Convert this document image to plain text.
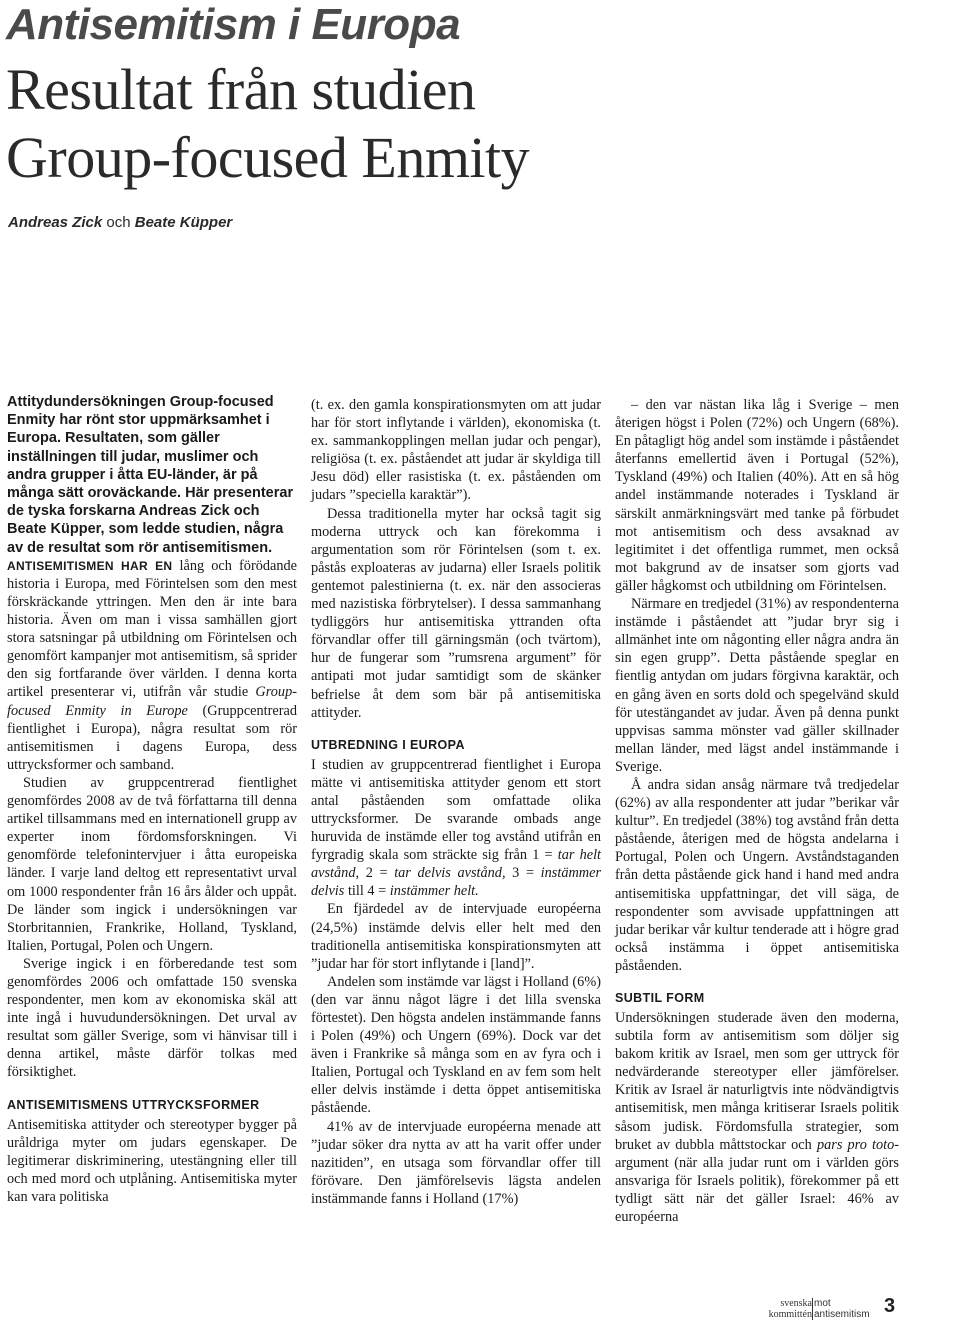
Antisemitism i Europa
Resultat från studien
Group-focused Enmity
Andreas Zick och Beate Küpper

Attitydundersökningen Group-focused Enmity har rönt stor uppmärksamhet i Europa. Resultaten, som gäller inställningen till judar, muslimer och andra grupper i åtta EU-länder, är på många sätt oroväckande. Här presenterar de tyska forskarna Andreas Zick och Beate Küpper, som ledde studien, några av de resultat som rör antisemitismen.

ANTISEMITISMEN HAR EN lång och förödande historia i Europa, med Förintelsen som den mest förskräckande yttringen. Men den är inte bara historia. Även om man i vissa samhällen gjort stora satsningar på utbildning om Förintelsen och genomfört kampanjer mot antisemitism, så sprider den sig fortfarande över världen. I denna korta artikel presenterar vi, utifrån vår studie Group-focused Enmity in Europe (Gruppcentrerad fientlighet i Europa), några resultat som rör antisemitismen i dagens Europa, dess uttrycksformer och samband.

Studien av gruppcentrerad fientlighet genomfördes 2008 av de två författarna till denna artikel tillsammans med en internationell grupp av experter inom fördomsforskningen. Vi genomförde telefonintervjuer i åtta europeiska länder. I varje land deltog ett representativt urval om 1000 respondenter från 16 års ålder och uppåt. De länder som ingick i undersökningen var Storbritannien, Frankrike, Holland, Tyskland, Italien, Portugal, Polen och Ungern.

Sverige ingick i en förberedande test som genomfördes 2006 och omfattade 150 svenska respondenter, men kom av ekonomiska skäl att inte ingå i huvudundersökningen. Det urval av resultat som gäller Sverige, som vi hänvisar till i denna artikel, måste därför tolkas med försiktighet.

ANTISEMITISMENS UTTRYCKSFORMER

Antisemitiska attityder och stereotyper bygger på uråldriga myter om judars egenskaper. De legitimerar diskriminering, utestängning eller till och med mord och utplåning. Antisemitiska myter kan vara politiska

(t. ex. den gamla konspirationsmyten om att judar har för stort inflytande i världen), ekonomiska (t. ex. sammankopplingen mellan judar och pengar), religiösa (t. ex. påståendet att judar är skyldiga till Jesu död) eller rasistiska (t. ex. påståenden om judars ”speciella karaktär”).

Dessa traditionella myter har också tagit sig moderna uttryck och kan förekomma i argumentation som rör Förintelsen (som t. ex. påstås exploateras av judarna) eller Israels politik gentemot palestinierna (t. ex. när den associeras med nazistiska förbrytelser). I dessa sammanhang tydliggörs hur antisemitiska yttranden ofta förvandlar offer till gärningsmän (och tvärtom), hur de fungerar som ”rumsrena argument” för antipati mot judar samtidigt som de skänker befrielse åt dem som bär på antisemitiska attityder.

UTBREDNING I EUROPA

I studien av gruppcentrerad fientlighet i Europa mätte vi antisemitiska attityder genom ett stort antal påståenden som omfattade olika uttrycksformer. De svarande ombads ange huruvida de instämde eller tog avstånd utifrån en fyrgradig skala som sträckte sig från 1 = tar helt avstånd, 2 = tar delvis avstånd, 3 = instämmer delvis till 4 = instämmer helt.

En fjärdedel av de intervjuade européerna (24,5%) instämde delvis eller helt med den traditionella antisemitiska konspirationsmyten att ”judar har för stort inflytande i [land]”.

Andelen som instämde var lägst i Holland (6%) (den var ännu något lägre i det lilla svenska förtestet). Den högsta andelen instämmande fanns i Polen (49%) och Ungern (69%). Dock var det även i Frankrike så många som en av fyra och i Italien, Portugal och Tyskland en av fem som helt eller delvis instämde i detta öppet antisemitiska påstående.

41% av de intervjuade européerna menade att ”judar söker dra nytta av att ha varit offer under nazitiden”, en utsaga som förvandlar offer till förövare. Den jämförelsevis lägsta andelen instämmande fanns i Holland (17%)

– den var nästan lika låg i Sverige – men återigen högst i Polen (72%) och Ungern (68%). En påtagligt hög andel som instämde i påståendet återfanns emellertid även i Portugal (52%), Tyskland (49%) och Italien (40%). Att en så hög andel instämmande noterades i Tyskland är särskilt anmärkningsvärt med tanke på förbudet mot antisemitism och dess avsaknad av legitimitet i det offentliga rummet, men också mot bakgrund av de insatser som gjorts vad gäller hågkomst och utbildning om Förintelsen.

Närmare en tredjedel (31%) av respondenterna instämde i påståendet att ”judar bryr sig i allmänhet inte om någonting eller några andra än sin egen grupp”. Detta påstående speglar en fientlig antydan om judars förgivna karaktär, och en gång även en sorts dold och spegelvänd skuld för utestängandet av judar. Även på denna punkt uppvisas samma mönster vad gäller skillnader mellan länder, med lägst andel instämmande i Sverige.

Å andra sidan ansåg närmare två tredjedelar (62%) av alla respondenter att judar ”berikar vår kultur”. En tredjedel (38%) tog avstånd från detta påstående, återigen med de högsta andelarna i Portugal, Polen och Ungern. Avståndstaganden från detta påstående gick hand i hand med andra antisemitiska uppfattningar, det vill säga, de respondenter som avvisade uppfattningen att judar berikar vår kultur tenderade att i högre grad också instämma i öppet antisemitiska påståenden.

SUBTIL FORM

Undersökningen studerade även den moderna, subtila form av antisemitism som döljer sig bakom kritik av Israel, men som ger uttryck för nedvärderande stereotyper eller jämförelser. Kritik av Israel är naturligtvis inte nödvändigtvis antisemitisk, men många kritiserar Israels politik såsom judisk. Fördomsfulla strategier, som bruket av dubbla måttstockar och pars pro toto-argument (när alla judar runt om i världen görs ansvariga för Israels politik), förekommer på ett tydligt sätt när det gäller Israel: 46% av européerna

svenska
kommittén
mot
antisemitism 3
